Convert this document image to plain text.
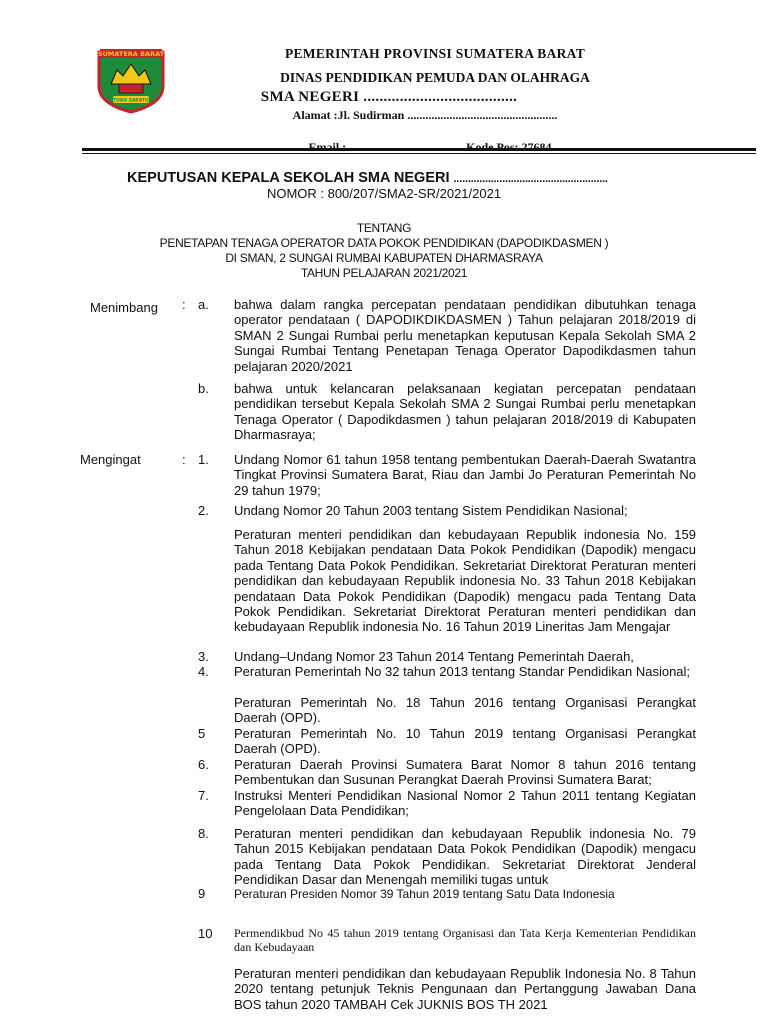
SUMATERA BARAT
TUAH SAKATO
PEMERINTAH PROVINSI SUMATERA BARAT
DINAS PENDIDIKAN PEMUDA DAN OLAHRAGA
SMA NEGERI ......................................
Alamat :Jl. Sudirman ..................................................
Email : ...................................... Kode Pos: 27684
KEPUTUSAN KEPALA SEKOLAH SMA NEGERI ......................................................
NOMOR : 800/207/SMA2-SR/2021/2021
TENTANG
PENETAPAN TENAGA OPERATOR DATA POKOK PENDIDIKAN (DAPODIKDASMEN )
DI SMAN, 2 SUNGAI RUMBAI KABUPATEN DHARMASRAYA
TAHUN PELAJARAN 2021/2021
Menimbang : a. bahwa dalam rangka percepatan pendataan pendidikan dibutuhkan tenaga operator pendataan ( DAPODIKDIKDASMEN ) Tahun pelajaran 2018/2019 di SMAN 2 Sungai Rumbai perlu menetapkan keputusan Kepala Sekolah SMA 2 Sungai Rumbai Tentang Penetapan Tenaga Operator Dapodikdasmen tahun pelajaran 2020/2021
b. bahwa untuk kelancaran pelaksanaan kegiatan percepatan pendataan pendidikan tersebut Kepala Sekolah SMA 2 Sungai Rumbai perlu menetapkan Tenaga Operator ( Dapodikdasmen ) tahun pelajaran 2018/2019 di Kabupaten Dharmasraya;
Mengingat	: 1. Undang Nomor 61 tahun 1958 tentang pembentukan Daerah-Daerah Swatantra Tingkat Provinsi Sumatera Barat, Riau dan Jambi Jo Peraturan Pemerintah No 29 tahun 1979;
2. Undang Nomor 20 Tahun 2003 tentang Sistem Pendidikan Nasional;
Peraturan menteri pendidikan dan kebudayaan Republik indonesia No. 159 Tahun 2018 Kebijakan pendataan Data Pokok Pendidikan (Dapodik) mengacu pada Tentang Data Pokok Pendidikan. Sekretariat Direktorat Peraturan menteri pendidikan dan kebudayaan Republik indonesia No. 33 Tahun 2018 Kebijakan pendataan Data Pokok Pendidikan (Dapodik) mengacu pada Tentang Data Pokok Pendidikan. Sekretariat Direktorat Peraturan menteri pendidikan dan kebudayaan Republik indonesia No. 16 Tahun 2019 Lineritas Jam Mengajar
3. Undang–Undang Nomor 23 Tahun 2014 Tentang Pemerintah Daerah,
4. Peraturan Pemerintah No 32 tahun 2013 tentang Standar Pendidikan Nasional;
Peraturan Pemerintah No. 18 Tahun 2016 tentang Organisasi Perangkat Daerah (OPD).
5 Peraturan Pemerintah No. 10 Tahun 2019 tentang Organisasi Perangkat Daerah (OPD).
6. Peraturan Daerah Provinsi Sumatera Barat Nomor 8 tahun 2016 tentang Pembentukan dan Susunan Perangkat Daerah Provinsi Sumatera Barat;
7. Instruksi Menteri Pendidikan Nasional Nomor 2 Tahun 2011 tentang Kegiatan Pengelolaan Data Pendidikan;
8. Peraturan menteri pendidikan dan kebudayaan Republik indonesia No. 79 Tahun 2015 Kebijakan pendataan Data Pokok Pendidikan (Dapodik) mengacu pada Tentang Data Pokok Pendidikan. Sekretariat Direktorat Jenderal Pendidikan Dasar dan Menengah memiliki tugas untuk
9 Peraturan Presiden Nomor 39 Tahun 2019 tentang Satu Data Indonesia
10 Permendikbud No 45 tahun 2019 tentang Organisasi dan Tata Kerja Kementerian Pendidikan dan Kebudayaan
Peraturan menteri pendidikan dan kebudayaan Republik Indonesia No. 8 Tahun 2020 tentang petunjuk Teknis Pengunaan dan Pertanggung Jawaban Dana BOS tahun 2020 TAMBAH Cek JUKNIS BOS TH 2021
